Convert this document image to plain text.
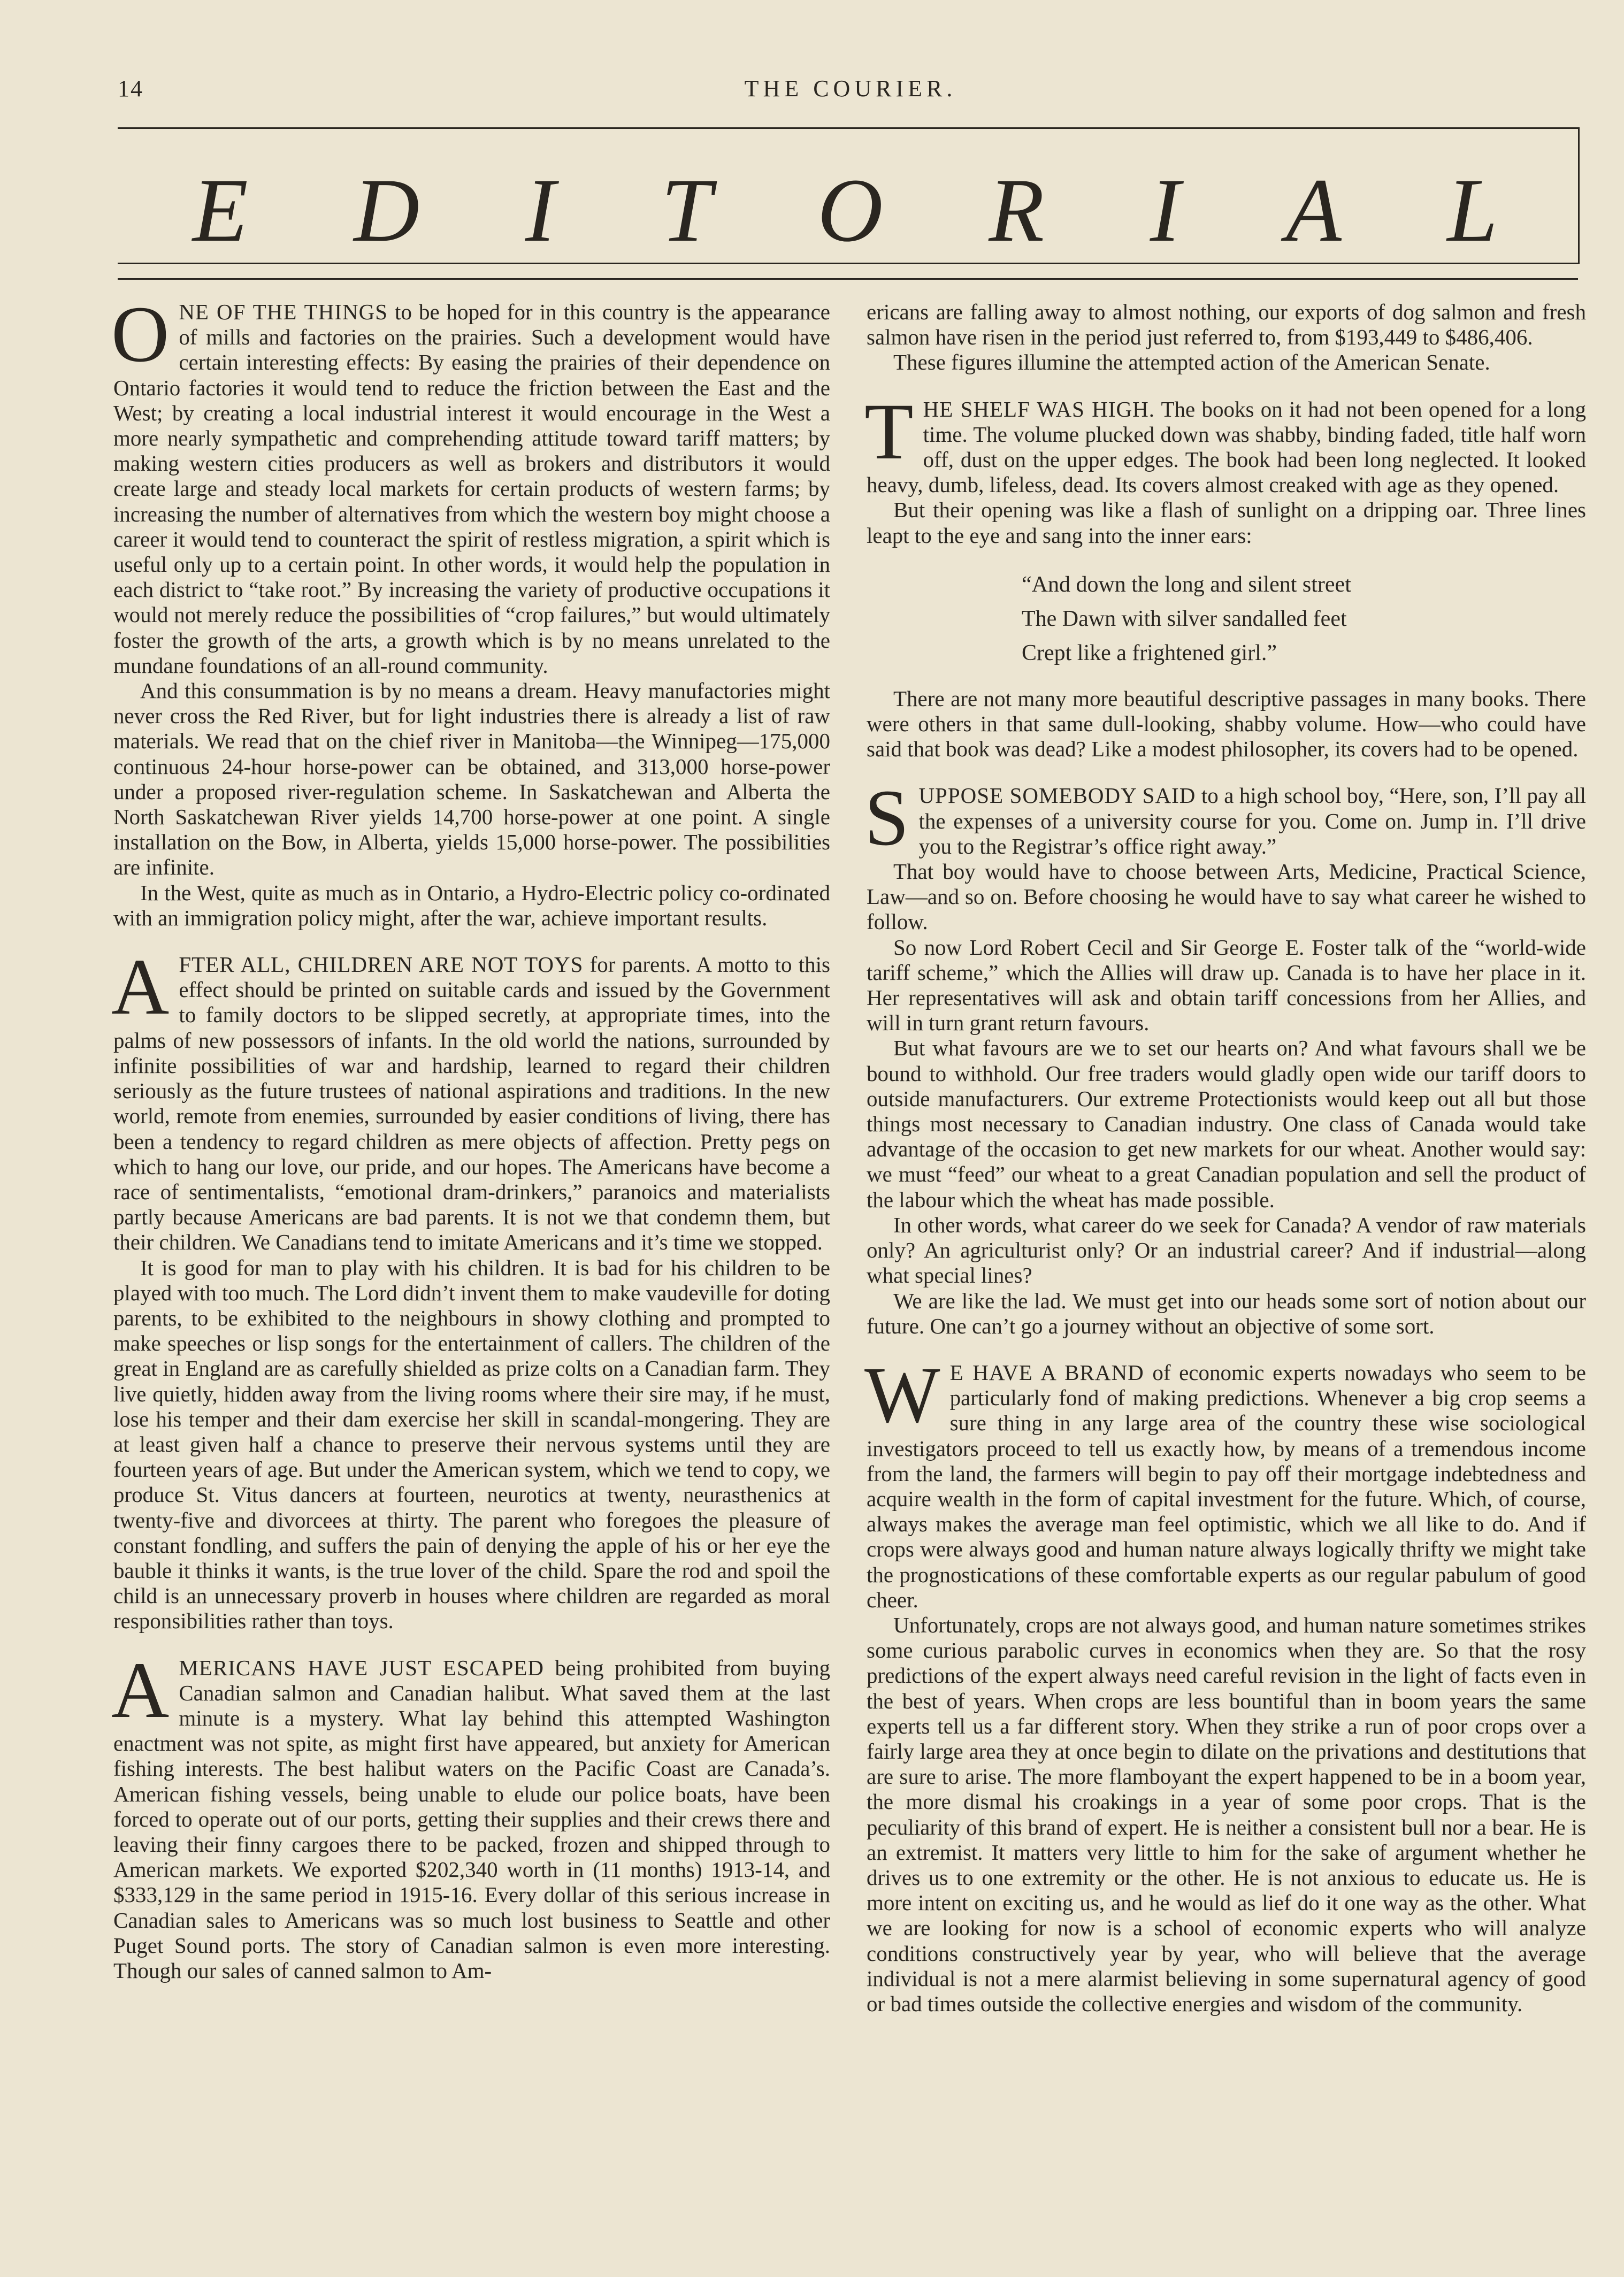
14	THE COURIER.
E D I T O R I A L

ONE OF THE THINGS to be hoped for in this country is the appearance of mills and factories on the prairies. Such a development would have certain interesting effects: By easing the prairies of their dependence on Ontario factories it would tend to reduce the friction between the East and the West; by creating a local industrial interest it would encourage in the West a more nearly sympathetic and comprehending attitude toward tariff matters; by making western cities producers as well as brokers and distributors it would create large and steady local markets for certain products of western farms; by increasing the number of alternatives from which the western boy might choose a career it would tend to counteract the spirit of restless migration, a spirit which is useful only up to a certain point. In other words, it would help the population in each district to “take root.” By increasing the variety of productive occupations it would not merely reduce the possibilities of “crop failures,” but would ultimately foster the growth of the arts, a growth which is by no means unrelated to the mundane foundations of an all-round community.

And this consummation is by no means a dream. Heavy manufactories might never cross the Red River, but for light industries there is already a list of raw materials. We read that on the chief river in Manitoba—the Winnipeg—175,000 continuous 24-hour horse-power can be obtained, and 313,000 horse-power under a proposed river-regulation scheme. In Saskatchewan and Alberta the North Saskatchewan River yields 14,700 horse-power at one point. A single installation on the Bow, in Alberta, yields 15,000 horse-power. The possibilities are infinite.

In the West, quite as much as in Ontario, a Hydro-Electric policy co-ordinated with an immigration policy might, after the war, achieve important results.

AFTER ALL, CHILDREN ARE NOT TOYS for parents. A motto to this effect should be printed on suitable cards and issued by the Government to family doctors to be slipped secretly, at appropriate times, into the palms of new possessors of infants. In the old world the nations, surrounded by infinite possibilities of war and hardship, learned to regard their children seriously as the future trustees of national aspirations and traditions. In the new world, remote from enemies, surrounded by easier conditions of living, there has been a tendency to regard children as mere objects of affection. Pretty pegs on which to hang our love, our pride, and our hopes. The Americans have become a race of sentimentalists, “emotional dram-drinkers,” paranoics and materialists partly because Americans are bad parents. It is not we that condemn them, but their children. We Canadians tend to imitate Americans and it’s time we stopped.

It is good for man to play with his children. It is bad for his children to be played with too much. The Lord didn’t invent them to make vaudeville for doting parents, to be exhibited to the neighbours in showy clothing and prompted to make speeches or lisp songs for the entertainment of callers. The children of the great in England are as carefully shielded as prize colts on a Canadian farm. They live quietly, hidden away from the living rooms where their sire may, if he must, lose his temper and their dam exercise her skill in scandal-mongering. They are at least given half a chance to preserve their nervous systems until they are fourteen years of age. But under the American system, which we tend to copy, we produce St. Vitus dancers at fourteen, neurotics at twenty, neurasthenics at twenty-five and divorcees at thirty. The parent who foregoes the pleasure of constant fondling, and suffers the pain of denying the apple of his or her eye the bauble it thinks it wants, is the true lover of the child. Spare the rod and spoil the child is an unnecessary proverb in houses where children are regarded as moral responsibilities rather than toys.

AMERICANS HAVE JUST ESCAPED being prohibited from buying Canadian salmon and Canadian halibut. What saved them at the last minute is a mystery. What lay behind this attempted Washington enactment was not spite, as might first have appeared, but anxiety for American fishing interests. The best halibut waters on the Pacific Coast are Canada’s. American fishing vessels, being unable to elude our police boats, have been forced to operate out of our ports, getting their supplies and their crews there and leaving their finny cargoes there to be packed, frozen and shipped through to American markets. We exported $202,340 worth in (11 months) 1913-14, and $333,129 in the same period in 1915-16. Every dollar of this serious increase in Canadian sales to Americans was so much lost business to Seattle and other Puget Sound ports. The story of Canadian salmon is even more interesting. Though our sales of canned salmon to Am-

ericans are falling away to almost nothing, our exports of dog salmon and fresh salmon have risen in the period just referred to, from $193,449 to $486,406.

These figures illumine the attempted action of the American Senate.

THE SHELF WAS HIGH. The books on it had not been opened for a long time. The volume plucked down was shabby, binding faded, title half worn off, dust on the upper edges. The book had been long neglected. It looked heavy, dumb, lifeless, dead. Its covers almost creaked with age as they opened.

But their opening was like a flash of sunlight on a dripping oar. Three lines leapt to the eye and sang into the inner ears:

“And down the long and silent street
The Dawn with silver sandalled feet
Crept like a frightened girl.”

There are not many more beautiful descriptive passages in many books. There were others in that same dull-looking, shabby volume. How—who could have said that book was dead? Like a modest philosopher, its covers had to be opened.

SUPPOSE SOMEBODY SAID to a high school boy, “Here, son, I’ll pay all the expenses of a university course for you. Come on. Jump in. I’ll drive you to the Registrar’s office right away.”

That boy would have to choose between Arts, Medicine, Practical Science, Law—and so on. Before choosing he would have to say what career he wished to follow.

So now Lord Robert Cecil and Sir George E. Foster talk of the “world-wide tariff scheme,” which the Allies will draw up. Canada is to have her place in it. Her representatives will ask and obtain tariff concessions from her Allies, and will in turn grant return favours.

But what favours are we to set our hearts on? And what favours shall we be bound to withhold. Our free traders would gladly open wide our tariff doors to outside manufacturers. Our extreme Protectionists would keep out all but those things most necessary to Canadian industry. One class of Canada would take advantage of the occasion to get new markets for our wheat. Another would say: we must “feed” our wheat to a great Canadian population and sell the product of the labour which the wheat has made possible.

In other words, what career do we seek for Canada? A vendor of raw materials only? An agriculturist only? Or an industrial career? And if industrial—along what special lines?

We are like the lad. We must get into our heads some sort of notion about our future. One can’t go a journey without an objective of some sort.

W E HAVE A BRAND of economic experts nowadays who seem to be particularly fond of making predictions. Whenever a big crop seems a sure thing in any large area of the country these wise sociological investigators proceed to tell us exactly how, by means of a tremendous income from the land, the farmers will begin to pay off their mortgage indebtedness and acquire wealth in the form of capital investment for the future. Which, of course, always makes the average man feel optimistic, which we all like to do. And if crops were always good and human nature always logically thrifty we might take the prognostications of these comfortable experts as our regular pabulum of good cheer.

Unfortunately, crops are not always good, and human nature sometimes strikes some curious parabolic curves in economics when they are. So that the rosy predictions of the expert always need careful revision in the light of facts even in the best of years. When crops are less bountiful than in boom years the same experts tell us a far different story. When they strike a run of poor crops over a fairly large area they at once begin to dilate on the privations and destitutions that are sure to arise. The more flamboyant the expert happened to be in a boom year, the more dismal his croakings in a year of some poor crops. That is the peculiarity of this brand of expert. He is neither a consistent bull nor a bear. He is an extremist. It matters very little to him for the sake of argument whether he drives us to one extremity or the other. He is not anxious to educate us. He is more intent on exciting us, and he would as lief do it one way as the other. What we are looking for now is a school of economic experts who will analyze conditions constructively year by year, who will believe that the average individual is not a mere alarmist believing in some supernatural agency of good or bad times outside the collective energies and wisdom of the community.
